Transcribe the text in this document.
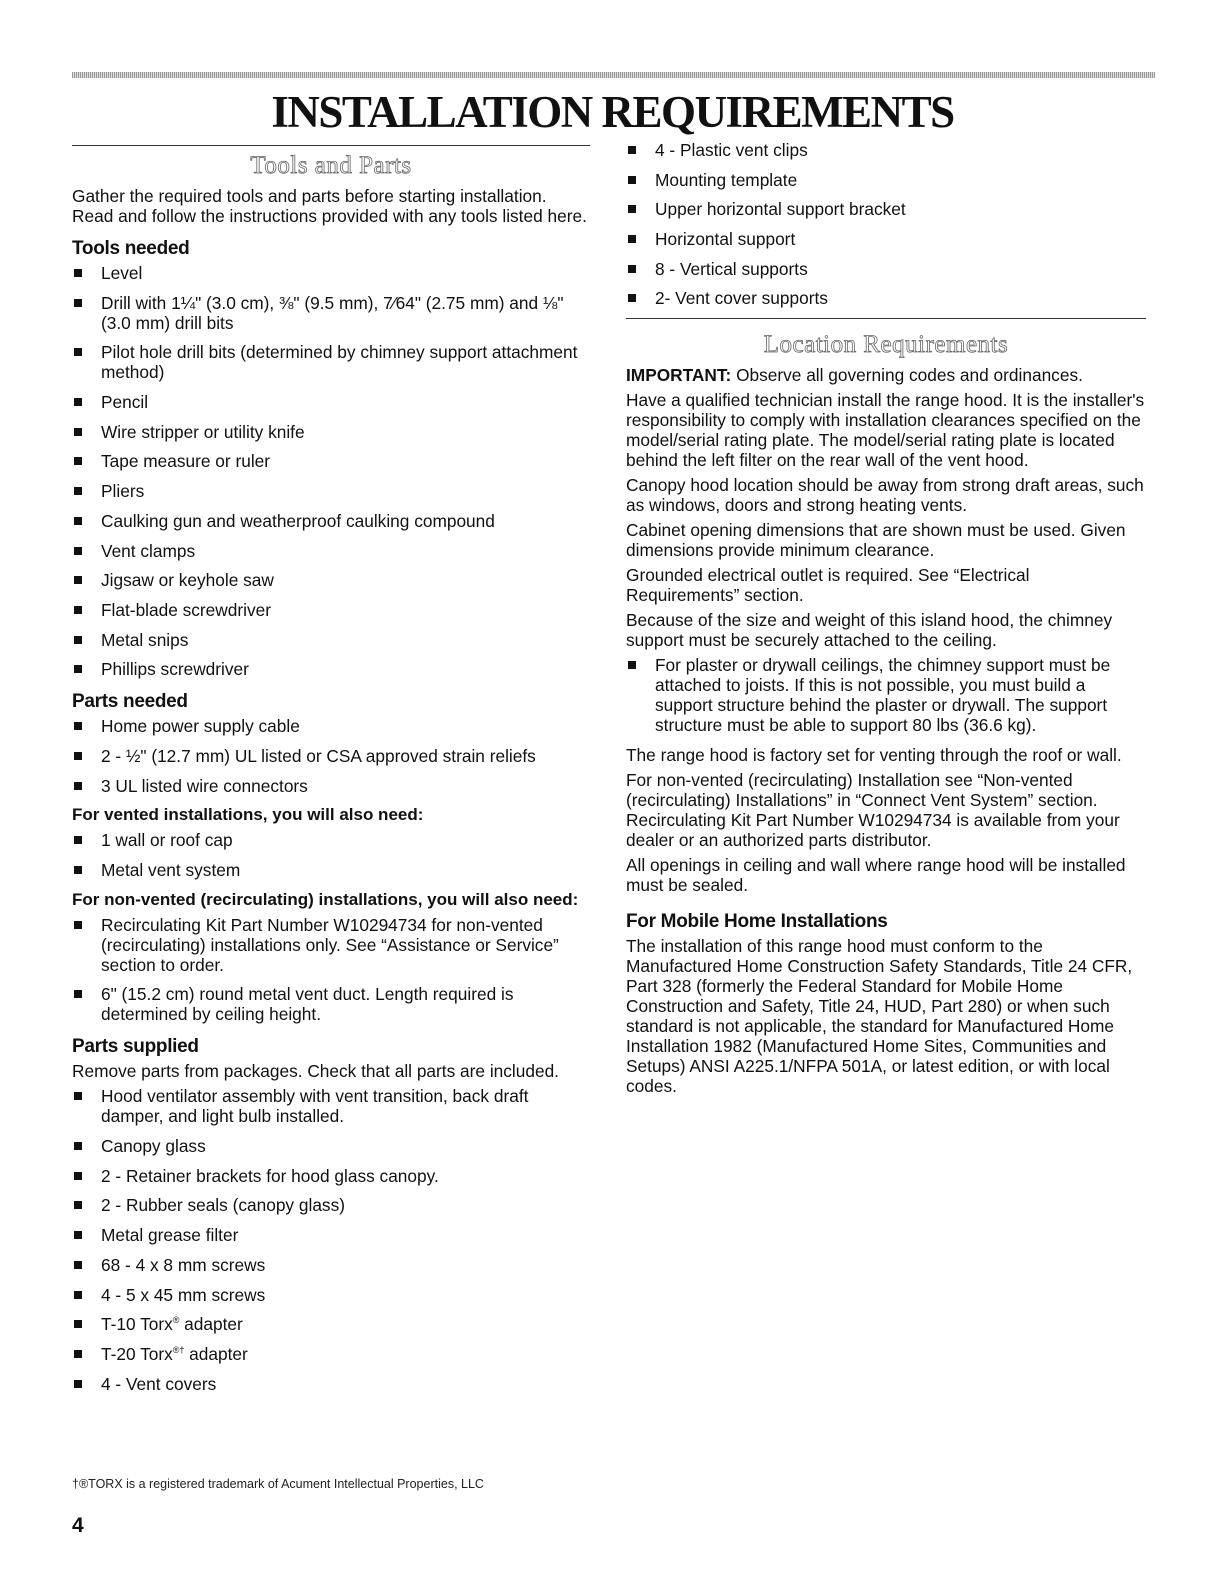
INSTALLATION REQUIREMENTS
Tools and Parts

Gather the required tools and parts before starting installation. Read and follow the instructions provided with any tools listed here.

Tools needed
Level
Drill with 1¼" (3.0 cm), ⅜" (9.5 mm), 7⁄64" (2.75 mm) and ⅛" (3.0 mm) drill bits
Pilot hole drill bits (determined by chimney support attachment method)
Pencil
Wire stripper or utility knife
Tape measure or ruler
Pliers
Caulking gun and weatherproof caulking compound
Vent clamps
Jigsaw or keyhole saw
Flat-blade screwdriver
Metal snips
Phillips screwdriver
Parts needed
Home power supply cable
2 - ½" (12.7 mm) UL listed or CSA approved strain reliefs
3 UL listed wire connectors
For vented installations, you will also need:
1 wall or roof cap
Metal vent system
For non-vented (recirculating) installations, you will also need:
Recirculating Kit Part Number W10294734 for non-vented (recirculating) installations only. See “Assistance or Service” section to order.
6" (15.2 cm) round metal vent duct. Length required is determined by ceiling height.
Parts supplied

Remove parts from packages. Check that all parts are included.

Hood ventilator assembly with vent transition, back draft damper, and light bulb installed.
Canopy glass
2 - Retainer brackets for hood glass canopy.
2 - Rubber seals (canopy glass)
Metal grease filter
68 - 4 x 8 mm screws
4 - 5 x 45 mm screws
T-10 Torx® adapter
T-20 Torx®† adapter
4 - Vent covers
4 - Plastic vent clips
Mounting template
Upper horizontal support bracket
Horizontal support
8 - Vertical supports
2- Vent cover supports
Location Requirements

IMPORTANT: Observe all governing codes and ordinances.

Have a qualified technician install the range hood. It is the installer's responsibility to comply with installation clearances specified on the model/serial rating plate. The model/serial rating plate is located behind the left filter on the rear wall of the vent hood.

Canopy hood location should be away from strong draft areas, such as windows, doors and strong heating vents.

Cabinet opening dimensions that are shown must be used. Given dimensions provide minimum clearance.

Grounded electrical outlet is required. See “Electrical Requirements” section.

Because of the size and weight of this island hood, the chimney support must be securely attached to the ceiling.

For plaster or drywall ceilings, the chimney support must be attached to joists. If this is not possible, you must build a support structure behind the plaster or drywall. The support structure must be able to support 80 lbs (36.6 kg).

The range hood is factory set for venting through the roof or wall.

For non-vented (recirculating) Installation see “Non-vented (recirculating) Installations” in “Connect Vent System” section. Recirculating Kit Part Number W10294734 is available from your dealer or an authorized parts distributor.

All openings in ceiling and wall where range hood will be installed must be sealed.

For Mobile Home Installations

The installation of this range hood must conform to the Manufactured Home Construction Safety Standards, Title 24 CFR, Part 328 (formerly the Federal Standard for Mobile Home Construction and Safety, Title 24, HUD, Part 280) or when such standard is not applicable, the standard for Manufactured Home Installation 1982 (Manufactured Home Sites, Communities and Setups) ANSI A225.1/NFPA 501A, or latest edition, or with local codes.

†®TORX is a registered trademark of Acument Intellectual Properties, LLC
4
